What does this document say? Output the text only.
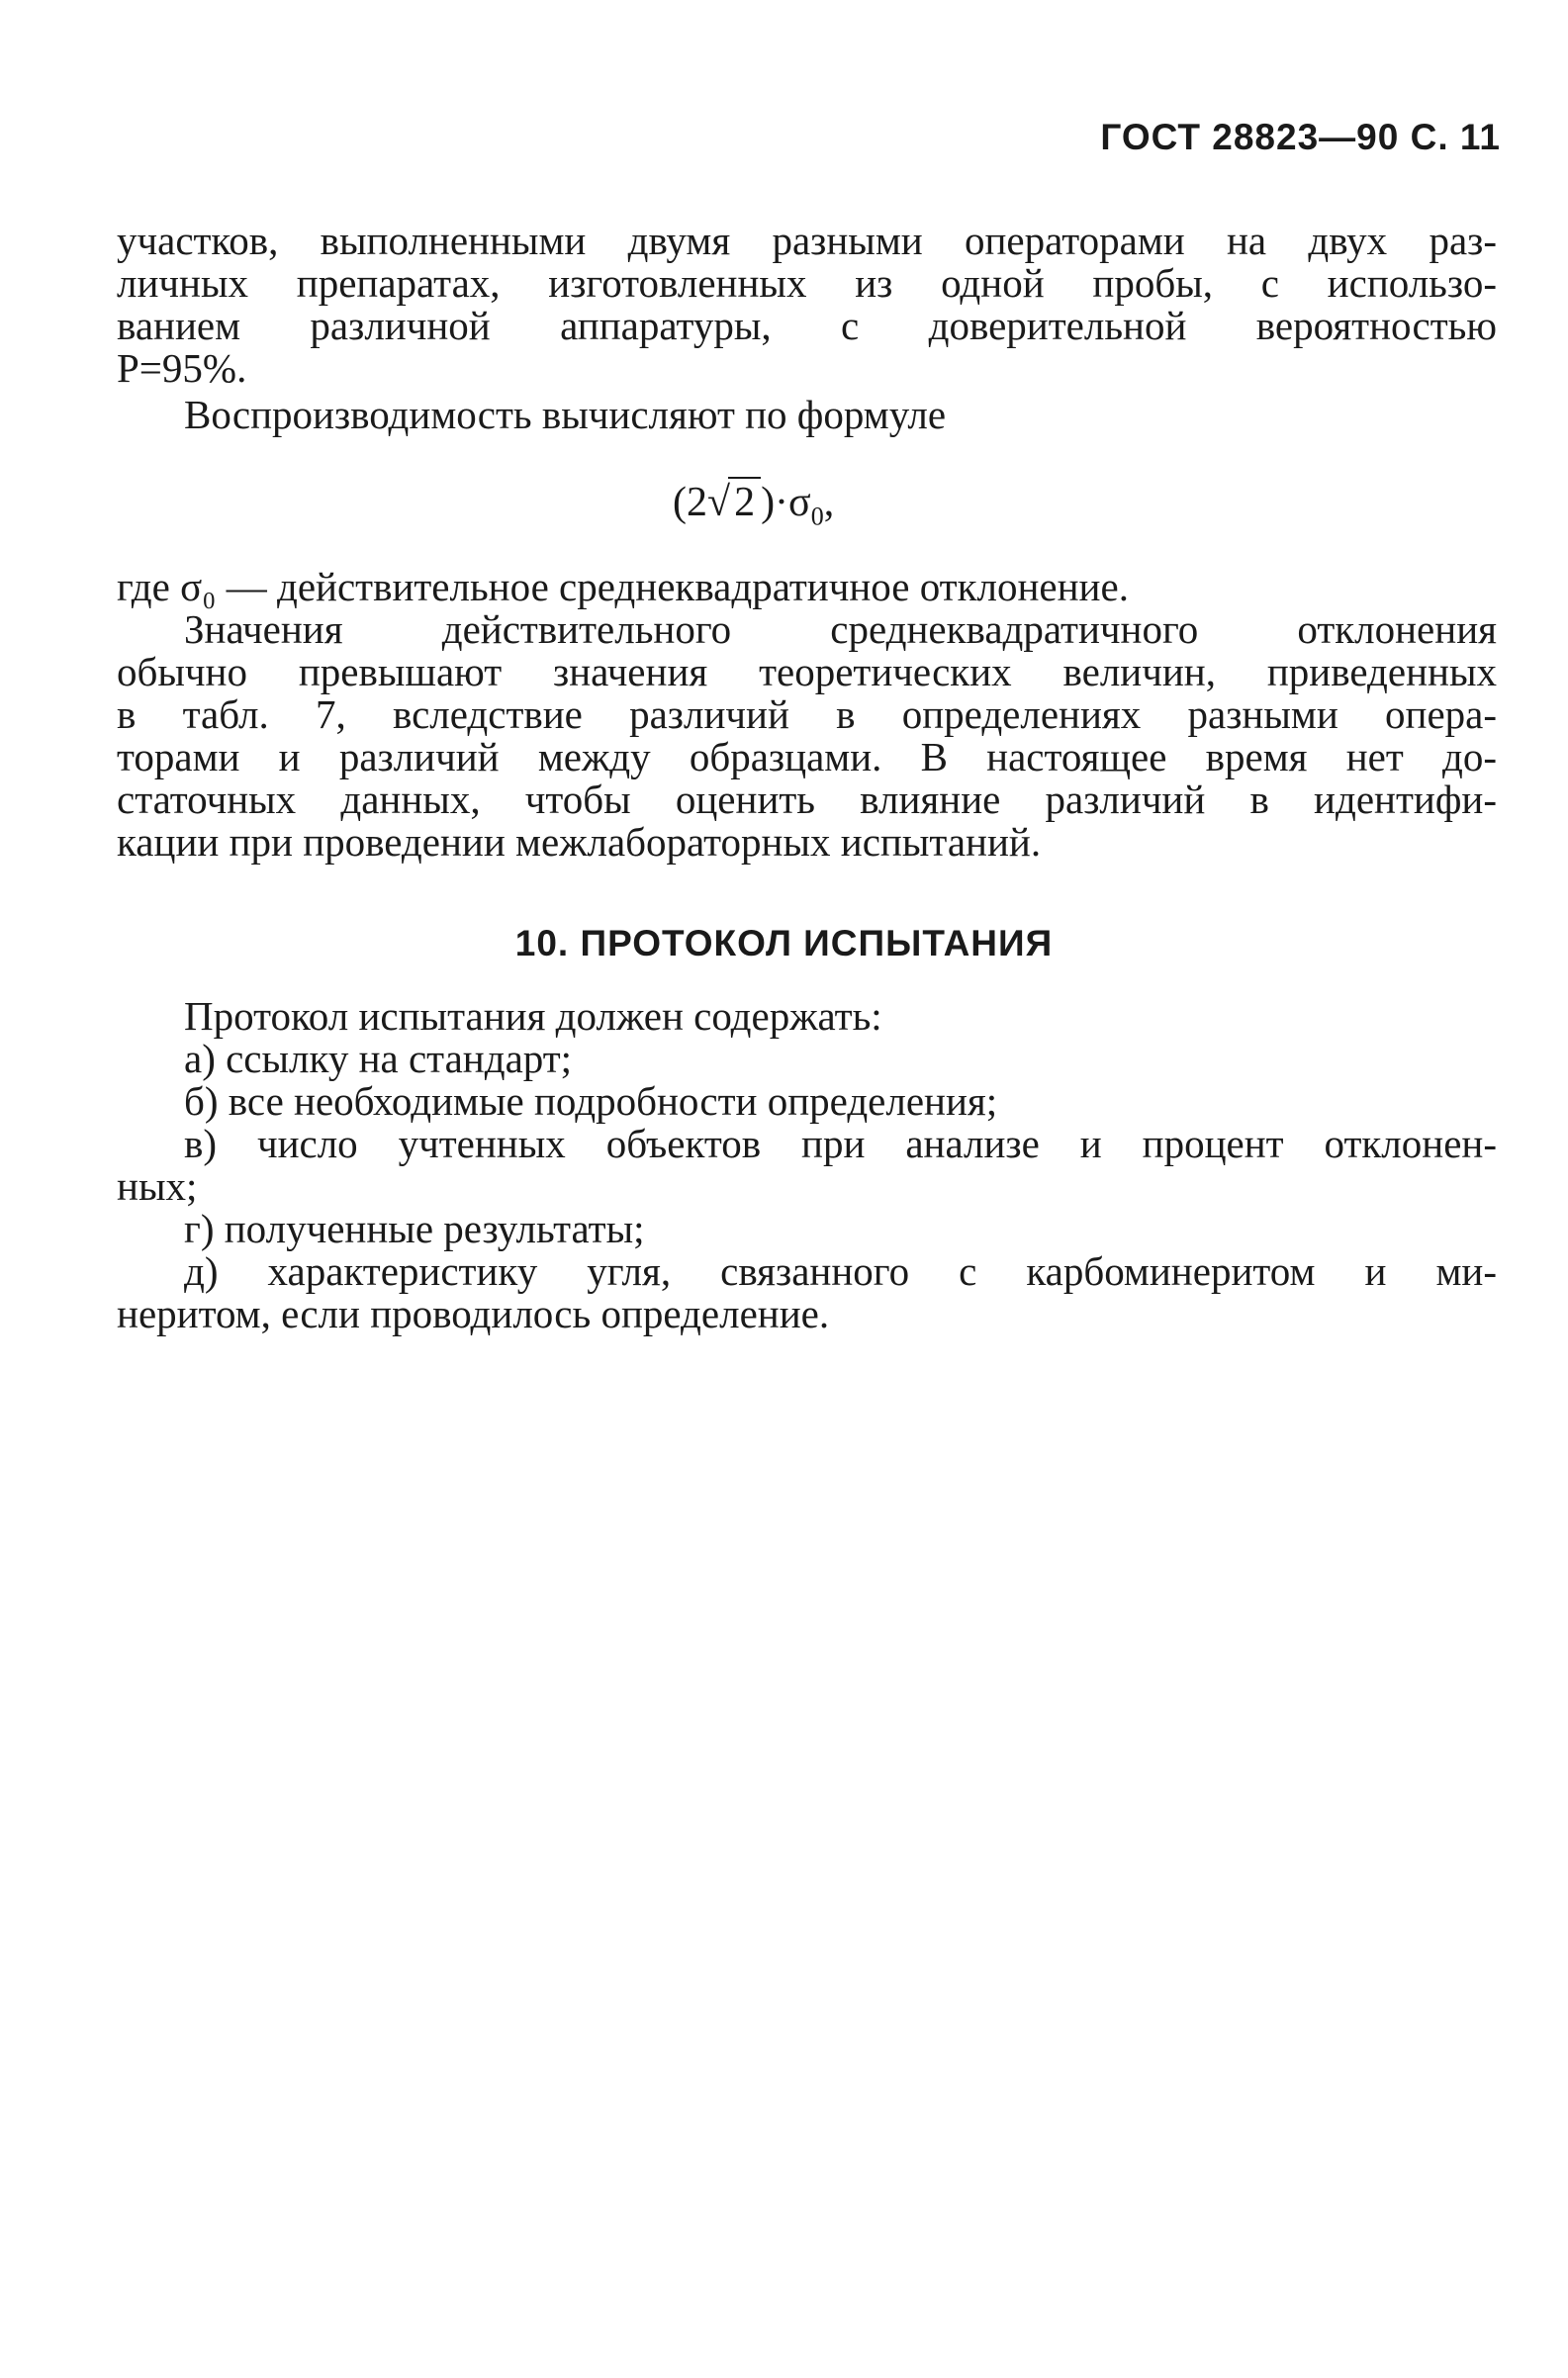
ГОСТ 28823—90 С. 11
участков, выполненными двумя разными операторами на двух раз-
личных препаратах, изготовленных из одной пробы, с использо-
ванием различной аппаратуры, с доверительной вероятностью
P=95%.
Воспроизводимость вычисляют по формуле
(2√2 )$\cdot\sigma_0$,
где σ₀ — действительное среднеквадратичное отклонение.
Значения действительного среднеквадратичного отклонения
обычно превышают значения теоретических величин, приведенных
в табл. 7, вследствие различий в определениях разными опера-
торами и различий между образцами. В настоящее время нет до-
статочных данных, чтобы оценить влияние различий в идентифи-
кации при проведении межлабораторных испытаний.
10. ПРОТОКОЛ ИСПЫТАНИЯ
Протокол испытания должен содержать:
а) ссылку на стандарт;
б) все необходимые подробности определения;
в) число учтенных объектов при анализе и процент отклонен-
ных;
г) полученные результаты;
д) характеристику угля, связанного с карбоминеритом и ми-
неритом, если проводилось определение.
